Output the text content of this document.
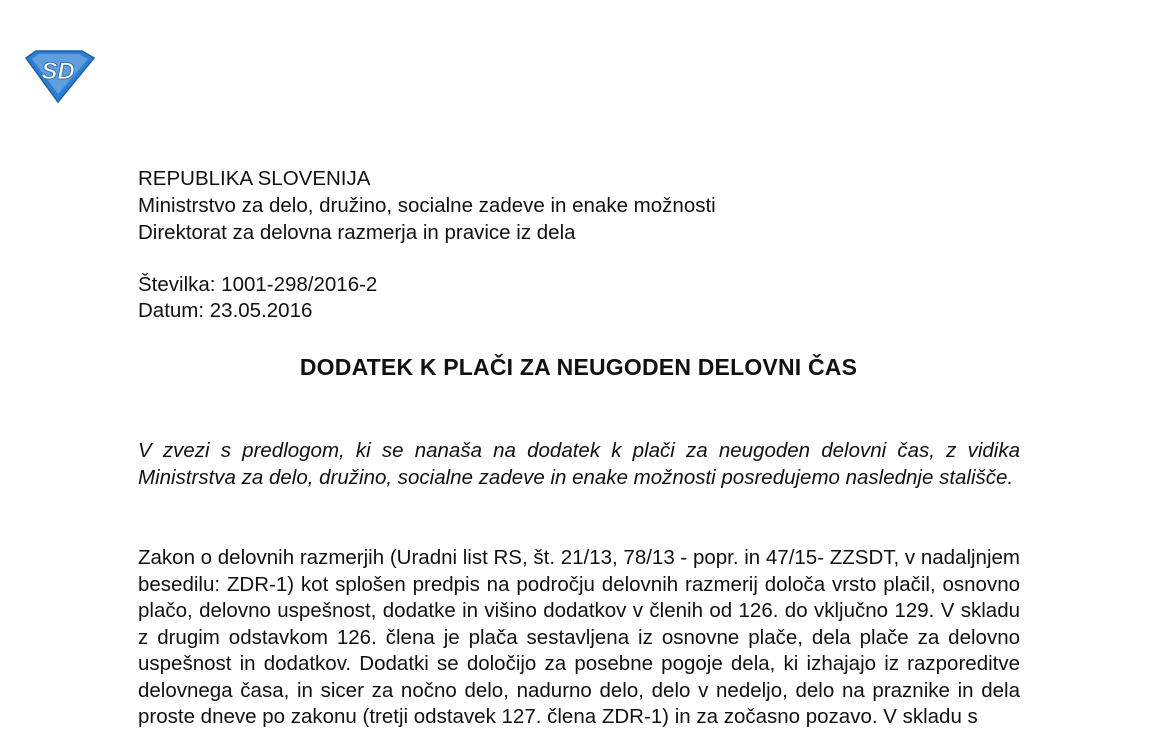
SD
REPUBLIKA SLOVENIJA
Ministrstvo za delo, družino, socialne zadeve in enake možnosti
Direktorat za delovna razmerja in pravice iz dela
Številka: 1001-298/2016-2
Datum: 23.05.2016
DODATEK K PLAČI ZA NEUGODEN DELOVNI ČAS

V zvezi s predlogom, ki se nanaša na dodatek k plači za neugoden delovni čas, z vidika Ministrstva za delo, družino, socialne zadeve in enake možnosti posredujemo naslednje stališče.

Zakon o delovnih razmerjih (Uradni list RS, št. 21/13, 78/13 - popr. in 47/15- ZZSDT, v nadaljnjem besedilu: ZDR-1) kot splošen predpis na področju delovnih razmerij določa vrsto plačil, osnovno plačo, delovno uspešnost, dodatke in višino dodatkov v členih od 126. do vključno 129. V skladu z drugim odstavkom 126. člena je plača sestavljena iz osnovne plače, dela plače za delovno uspešnost in dodatkov. Dodatki se določijo za posebne pogoje dela, ki izhajajo iz razporeditve delovnega časa, in sicer za nočno delo, nadurno delo, delo v nedeljo, delo na praznike in dela proste dneve po zakonu (tretji odstavek 127. člena ZDR-1) in za zočasno pozavo. V skladu s
